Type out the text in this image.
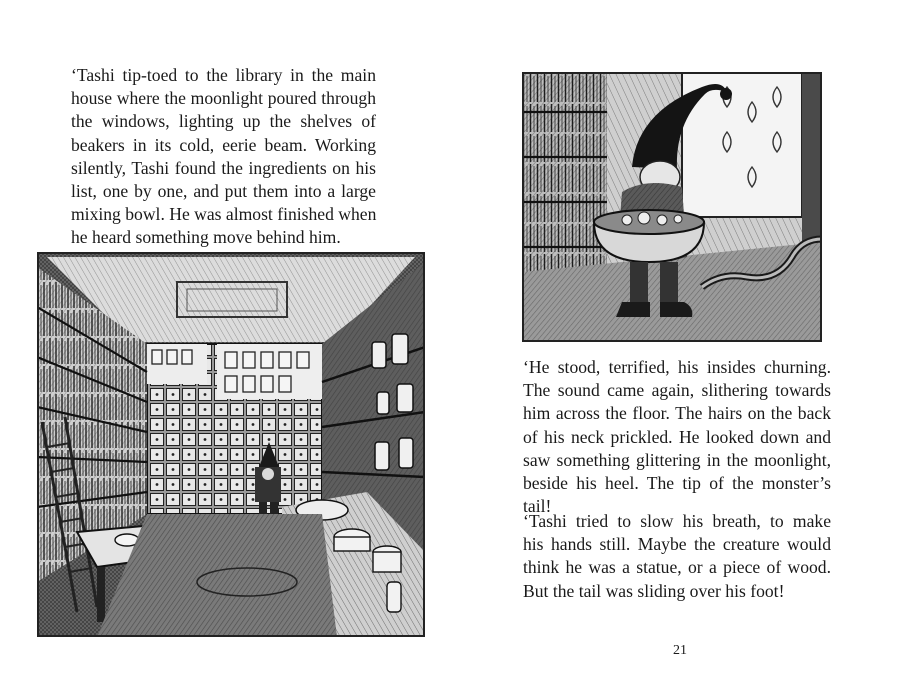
‘Tashi tip-toed to the library in the main
house where the moonlight poured through
the windows, lighting up the shelves of
beakers in its cold, eerie beam. Working
silently, Tashi found the ingredients on his
list, one by one, and put them into a large
mixing bowl. He was almost finished when
he heard something move behind him.

‘He stood, terrified, his insides churning.
The sound came again, slithering towards
him across the floor. The hairs on the back
of his neck prickled. He looked down and
saw something glittering in the moonlight,
beside his heel. The tip of the monster’s
tail!

‘Tashi tried to slow his breath, to make
his hands still. Maybe the creature would
think he was a statue, or a piece of wood.
But the tail was sliding over his foot!

21
